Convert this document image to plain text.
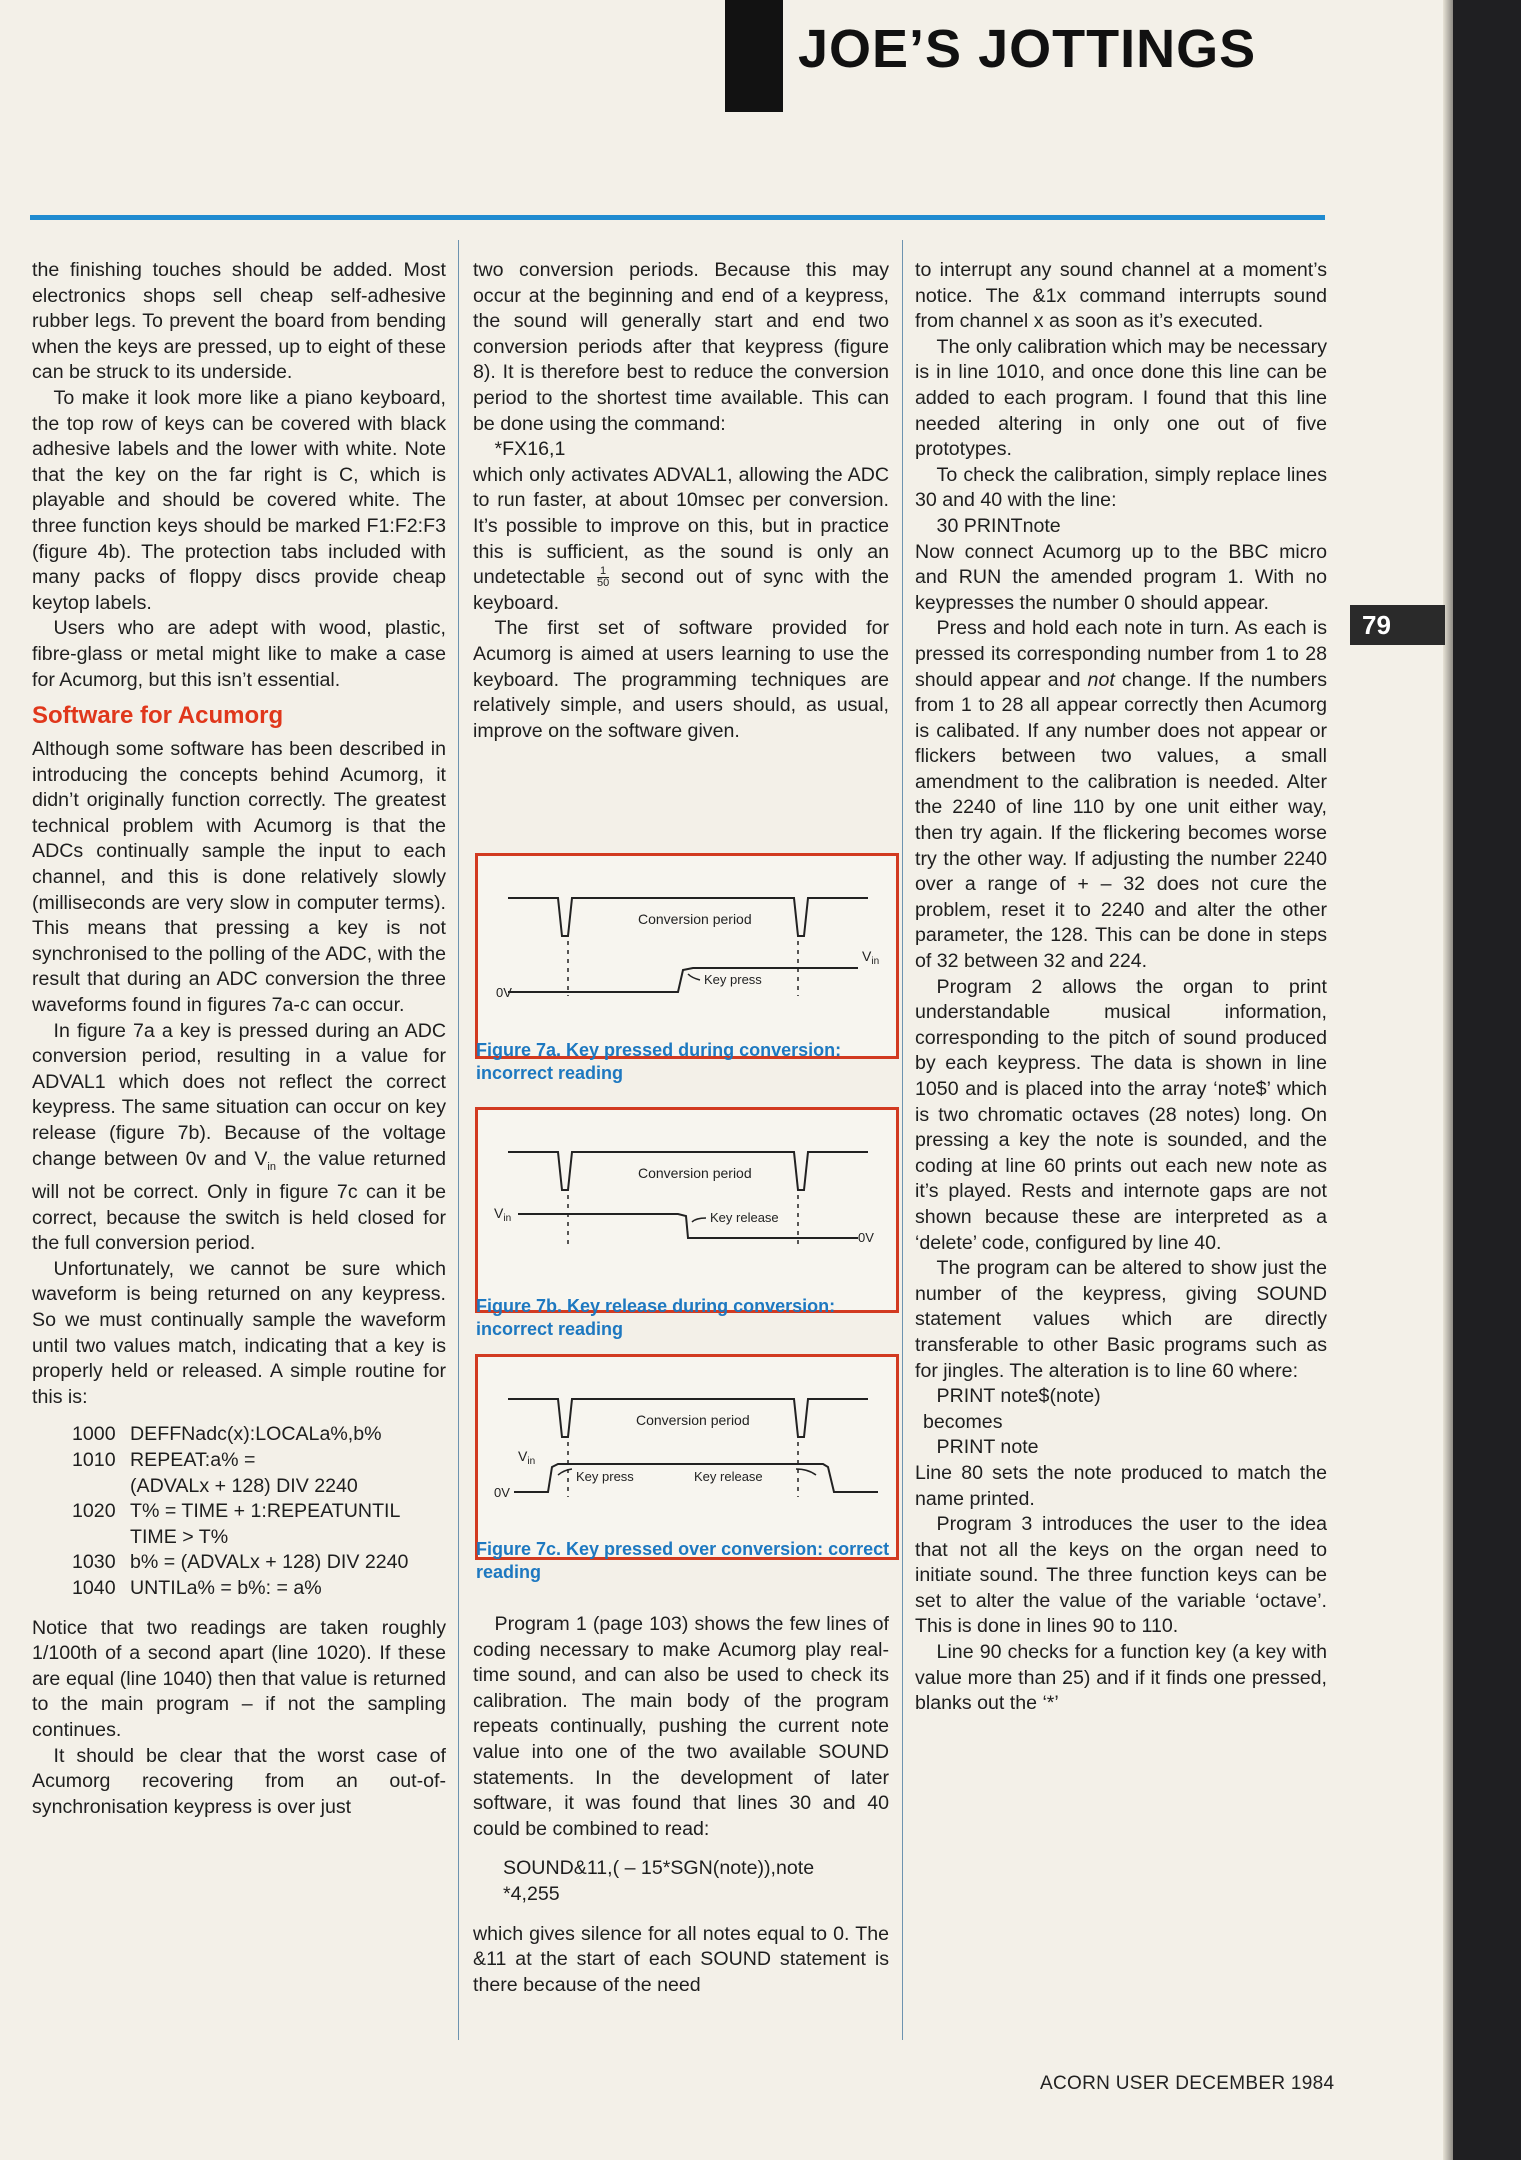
JOE’S JOTTINGS
79

the finishing touches should be added. Most electronics shops sell cheap self-adhesive rubber legs. To prevent the board from bending when the keys are pressed, up to eight of these can be struck to its underside.

To make it look more like a piano keyboard, the top row of keys can be covered with black adhesive labels and the lower with white. Note that the key on the far right is C, which is playable and should be covered white. The three function keys should be marked F1:F2:F3 (figure 4b). The protection tabs included with many packs of floppy discs provide cheap keytop labels.

Users who are adept with wood, plastic, fibre-glass or metal might like to make a case for Acumorg, but this isn’t essential.

Software for Acumorg

Although some software has been described in introducing the concepts behind Acumorg, it didn’t originally function correctly. The greatest technical problem with Acumorg is that the ADCs continually sample the input to each channel, and this is done relatively slowly (milliseconds are very slow in computer terms). This means that pressing a key is not synchronised to the polling of the ADC, with the result that during an ADC conversion the three waveforms found in figures 7a-c can occur.

In figure 7a a key is pressed during an ADC conversion period, resulting in a value for ADVAL1 which does not reflect the correct keypress. The same situation can occur on key release (figure 7b). Because of the voltage change between 0v and $V_{in}$ the value returned will not be correct. Only in figure 7c can it be correct, because the switch is held closed for the full conversion period.

Unfortunately, we cannot be sure which waveform is being returned on any keypress. So we must continually sample the waveform until two values match, indicating that a key is properly held or released. A simple routine for this is:

1000 DEFFNadc(x):LOCALa%,b%
1010 REPEAT:a% =
(ADVALx + 128) DIV 2240
1020 T% = TIME + 1:REPEATUNTIL
TIME > T%
1030 b% = (ADVALx + 128) DIV 2240
1040 UNTILa% = b%: = a%

Notice that two readings are taken roughly 1/100th of a second apart (line 1020). If these are equal (line 1040) then that value is returned to the main program – if not the sampling continues.

It should be clear that the worst case of Acumorg recovering from an out-of-synchronisation keypress is over just

two conversion periods. Because this may occur at the beginning and end of a keypress, the sound will generally start and end two conversion periods after that keypress (figure 8). It is therefore best to reduce the conversion period to the shortest time available. This can be done using the command:

*FX16,1

which only activates ADVAL1, allowing the ADC to run faster, at about 10msec per conversion. It’s possible to improve on this, but in practice this is sufficient, as the sound is only an undetectable $\frac{1}{50}$ second out of sync with the keyboard.

The first set of software provided for Acumorg is aimed at users learning to use the keyboard. The programming techniques are relatively simple, and users should, as usual, improve on the software given.

Conversion period
$V_{in}$
0V
Key press
Figure 7a. Key pressed during conversion: incorrect reading
Conversion period
$V_{in}$
0V
Key release
Figure 7b. Key release during conversion: incorrect reading
Conversion period
$V_{in}$
0V
Key press	Key release
Figure 7c. Key pressed over conversion: correct reading

Program 1 (page 103) shows the few lines of coding necessary to make Acumorg play real-time sound, and can also be used to check its calibration. The main body of the program repeats continually, pushing the current note value into one of the two available SOUND statements. In the development of later software, it was found that lines 30 and 40 could be combined to read:

SOUND&11,( – 15*SGN(note)),note
*4,255

which gives silence for all notes equal to 0. The &11 at the start of each SOUND statement is there because of the need

to interrupt any sound channel at a moment’s notice. The &1x command interrupts sound from channel x as soon as it’s executed.

The only calibration which may be necessary is in line 1010, and once done this line can be added to each program. I found that this line needed altering in only one out of five prototypes.

To check the calibration, simply replace lines 30 and 40 with the line:

30 PRINTnote

Now connect Acumorg up to the BBC micro and RUN the amended program 1. With no keypresses the number 0 should appear.

Press and hold each note in turn. As each is pressed its corresponding number from 1 to 28 should appear and not change. If the numbers from 1 to 28 all appear correctly then Acumorg is calibated. If any number does not appear or flickers between two values, a small amendment to the calibration is needed. Alter the 2240 of line 110 by one unit either way, then try again. If the flickering becomes worse try the other way. If adjusting the number 2240 over a range of + – 32 does not cure the problem, reset it to 2240 and alter the other parameter, the 128. This can be done in steps of 32 between 32 and 224.

Program 2 allows the organ to print understandable musical information, corresponding to the pitch of sound produced by each keypress. The data is shown in line 1050 and is placed into the array ‘note$’ which is two chromatic octaves (28 notes) long. On pressing a key the note is sounded, and the coding at line 60 prints out each new note as it’s played. Rests and internote gaps are not shown because these are interpreted as a ‘delete’ code, configured by line 40.

The program can be altered to show just the number of the keypress, giving SOUND statement values which are directly transferable to other Basic programs such as for jingles. The alteration is to line 60 where:

PRINT note$(note)

becomes

PRINT note

Line 80 sets the note produced to match the name printed.

Program 3 introduces the user to the idea that not all the keys on the organ need to initiate sound. The three function keys can be set to alter the value of the variable ‘octave’. This is done in lines 90 to 110.

Line 90 checks for a function key (a key with value more than 25) and if it finds one pressed, blanks out the ‘*’

ACORN USER DECEMBER 1984
